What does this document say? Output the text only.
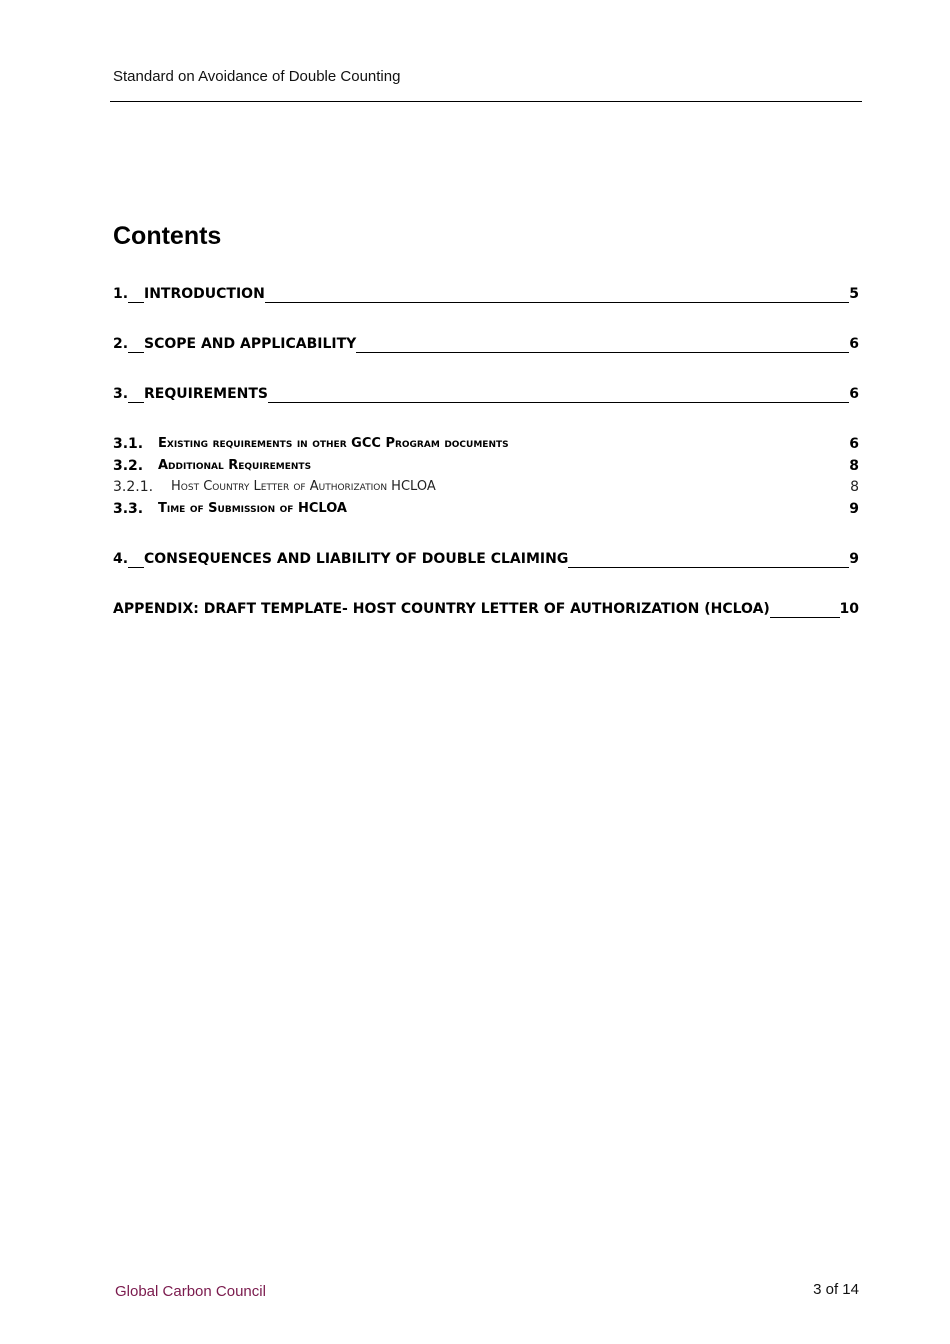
Standard on Avoidance of Double Counting
Contents
1. INTRODUCTION	5
2. SCOPE AND APPLICABILITY	6
3. REQUIREMENTS	6
3.1. Existing requirements in other GCC Program documents	6
3.2. Additional Requirements	8
3.2.1. Host Country Letter of Authorization HCLOA	8
3.3. Time of Submission of HCLOA	9
4. CONSEQUENCES AND LIABILITY OF DOUBLE CLAIMING	9
APPENDIX: DRAFT TEMPLATE- HOST COUNTRY LETTER OF AUTHORIZATION (HCLOA)	10
Global Carbon Council	3 of 14
